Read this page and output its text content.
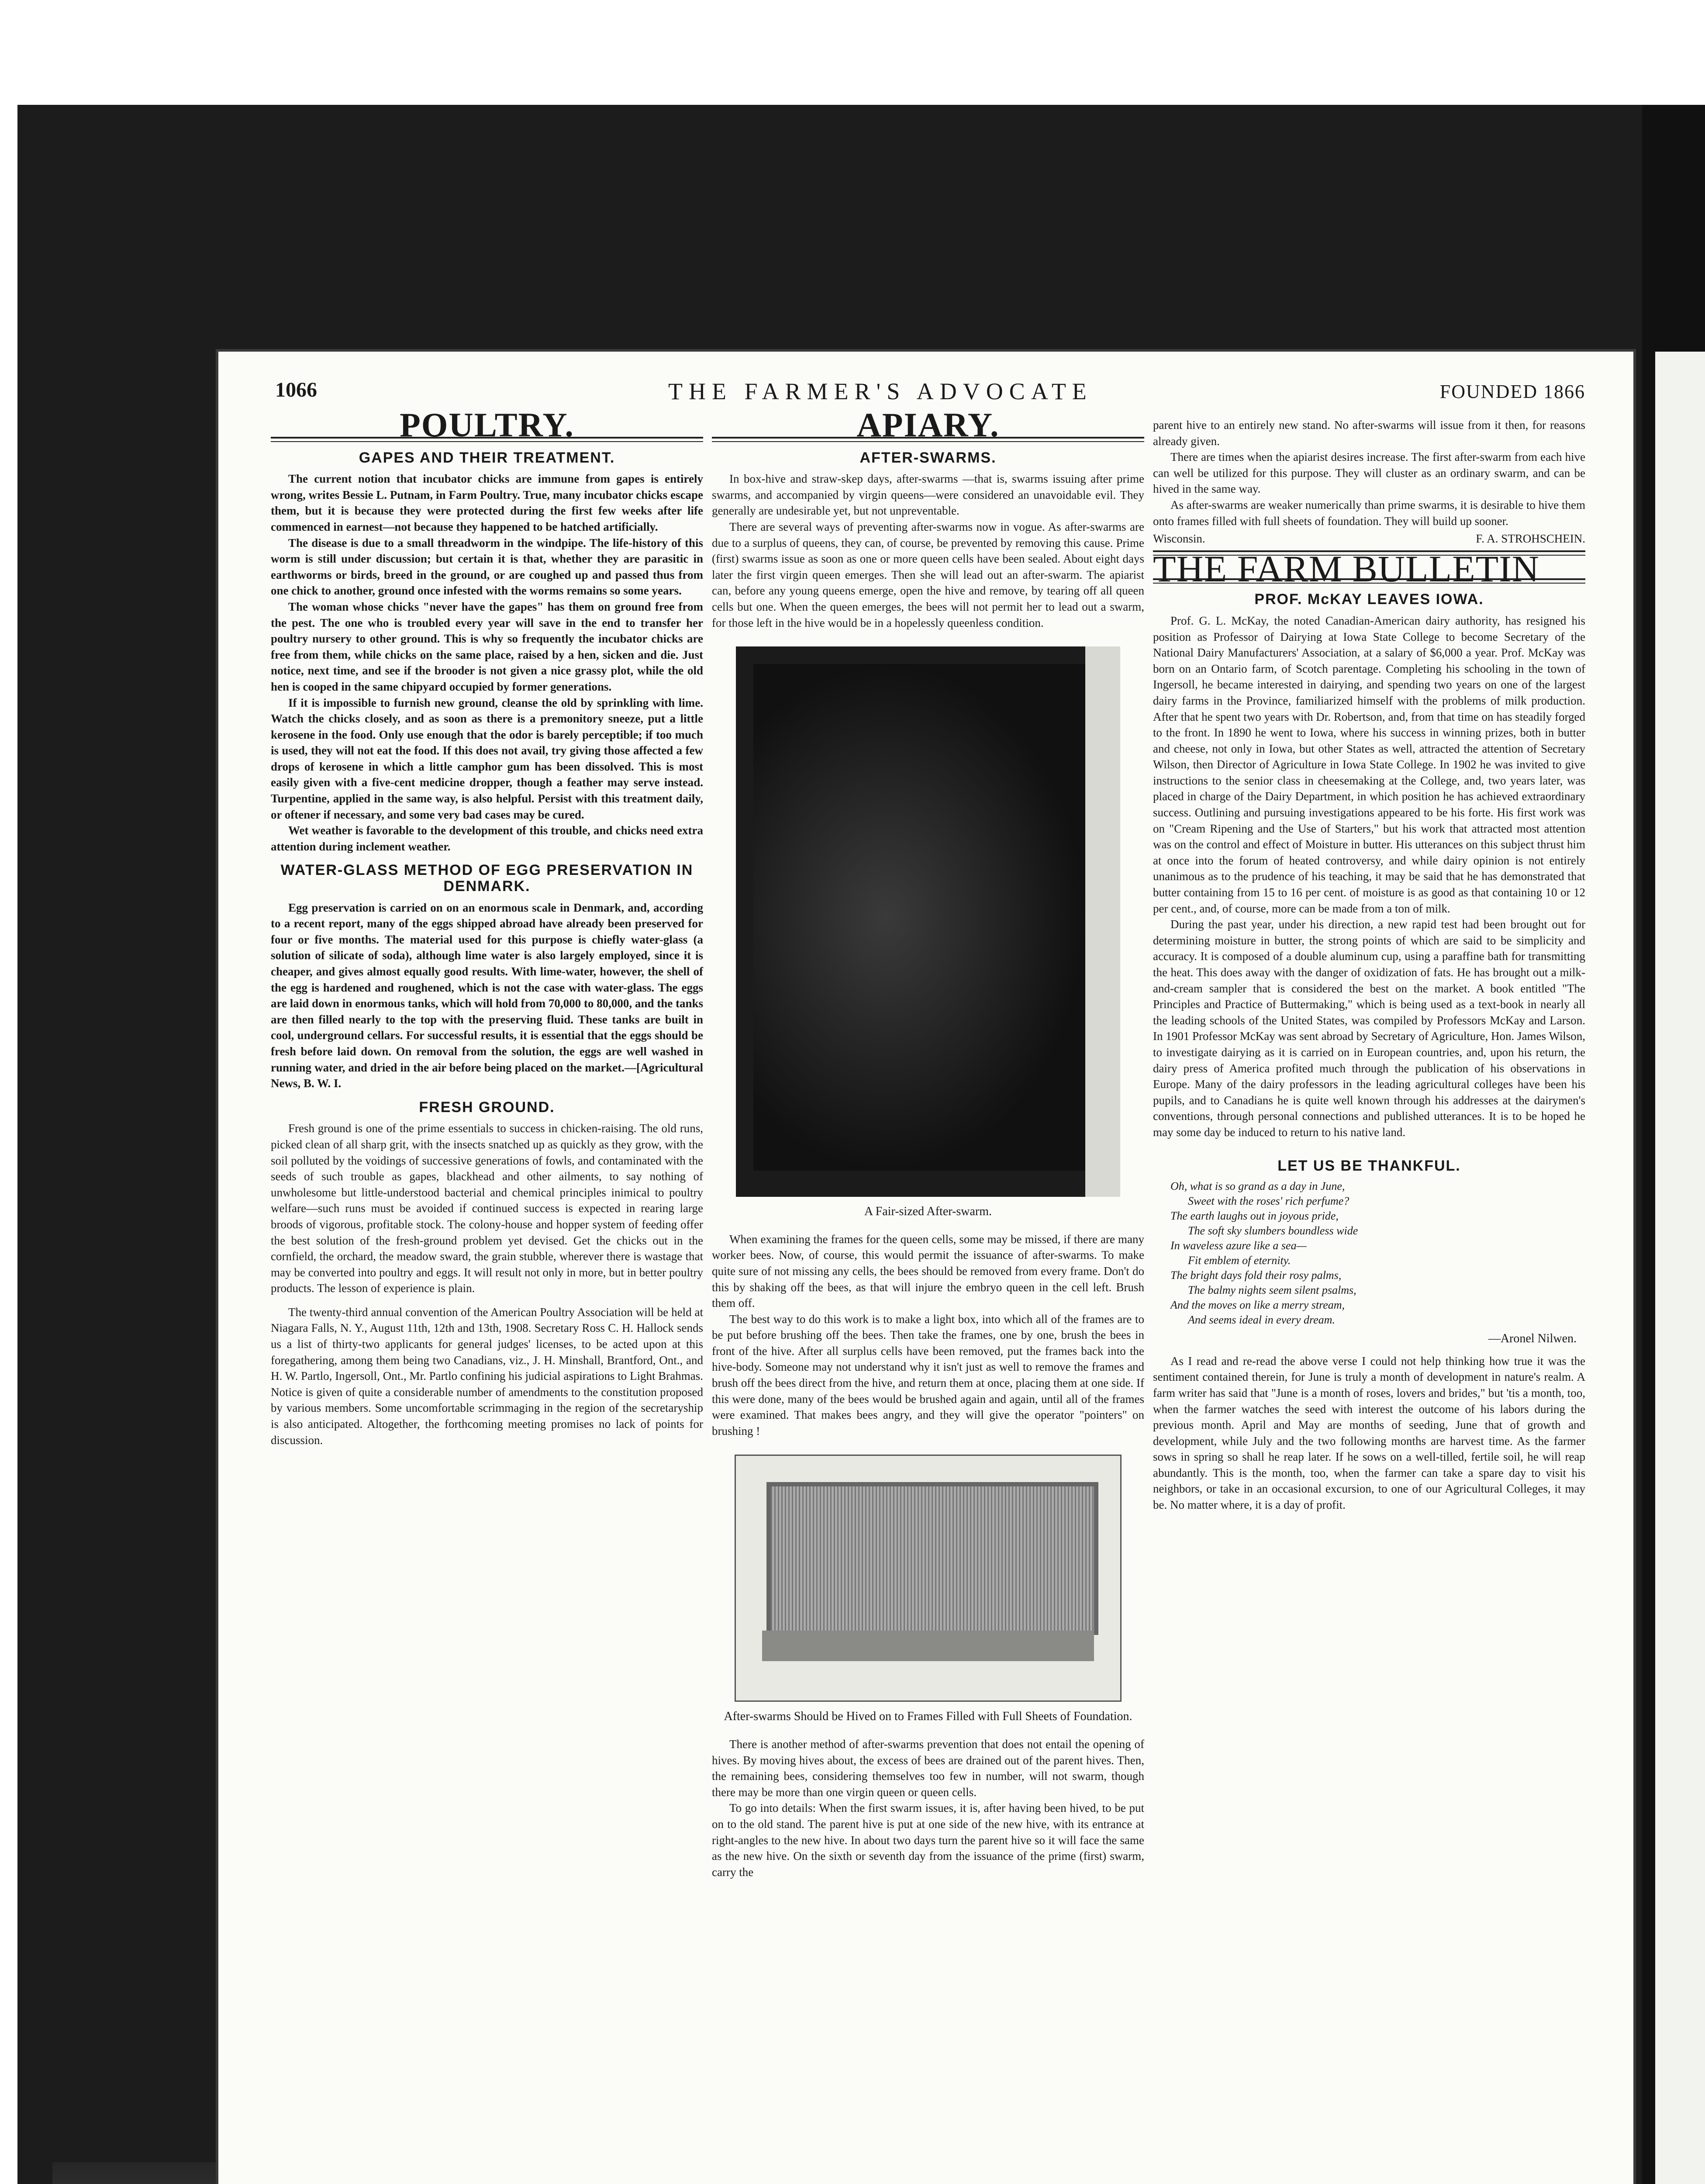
1066	THE FARMER'S ADVOCATE	FOUNDED 1866
POULTRY.
GAPES AND THEIR TREATMENT.

The current notion that incubator chicks are immune from gapes is entirely wrong, writes Bessie L. Putnam, in Farm Poultry. True, many incubator chicks escape them, but it is because they were protected during the first few weeks after life commenced in earnest—not because they happened to be hatched artificially.

The disease is due to a small threadworm in the windpipe. The life-history of this worm is still under discussion; but certain it is that, whether they are parasitic in earthworms or birds, breed in the ground, or are coughed up and passed thus from one chick to another, ground once infested with the worms remains so some years.

The woman whose chicks "never have the gapes" has them on ground free from the pest. The one who is troubled every year will save in the end to transfer her poultry nursery to other ground. This is why so frequently the incubator chicks are free from them, while chicks on the same place, raised by a hen, sicken and die. Just notice, next time, and see if the brooder is not given a nice grassy plot, while the old hen is cooped in the same chipyard occupied by former generations.

If it is impossible to furnish new ground, cleanse the old by sprinkling with lime. Watch the chicks closely, and as soon as there is a premonitory sneeze, put a little kerosene in the food. Only use enough that the odor is barely perceptible; if too much is used, they will not eat the food. If this does not avail, try giving those affected a few drops of kerosene in which a little camphor gum has been dissolved. This is most easily given with a five-cent medicine dropper, though a feather may serve instead. Turpentine, applied in the same way, is also helpful. Persist with this treatment daily, or oftener if necessary, and some very bad cases may be cured.

Wet weather is favorable to the development of this trouble, and chicks need extra attention during inclement weather.

WATER-GLASS METHOD OF EGG PRESERVATION IN DENMARK.

Egg preservation is carried on on an enormous scale in Denmark, and, according to a recent report, many of the eggs shipped abroad have already been preserved for four or five months. The material used for this purpose is chiefly water-glass (a solution of silicate of soda), although lime water is also largely employed, since it is cheaper, and gives almost equally good results. With lime-water, however, the shell of the egg is hardened and roughened, which is not the case with water-glass. The eggs are laid down in enormous tanks, which will hold from 70,000 to 80,000, and the tanks are then filled nearly to the top with the preserving fluid. These tanks are built in cool, underground cellars. For successful results, it is essential that the eggs should be fresh before laid down. On removal from the solution, the eggs are well washed in running water, and dried in the air before being placed on the market.—[Agricultural News, B. W. I.

FRESH GROUND.

Fresh ground is one of the prime essentials to success in chicken-raising. The old runs, picked clean of all sharp grit, with the insects snatched up as quickly as they grow, with the soil polluted by the voidings of successive generations of fowls, and contaminated with the seeds of such trouble as gapes, blackhead and other ailments, to say nothing of unwholesome but little-understood bacterial and chemical principles inimical to poultry welfare—such runs must be avoided if continued success is expected in rearing large broods of vigorous, profitable stock. The colony-house and hopper system of feeding offer the best solution of the fresh-ground problem yet devised. Get the chicks out in the cornfield, the orchard, the meadow sward, the grain stubble, wherever there is wastage that may be converted into poultry and eggs. It will result not only in more, but in better poultry products. The lesson of experience is plain.

The twenty-third annual convention of the American Poultry Association will be held at Niagara Falls, N. Y., August 11th, 12th and 13th, 1908. Secretary Ross C. H. Hallock sends us a list of thirty-two applicants for general judges' licenses, to be acted upon at this foregathering, among them being two Canadians, viz., J. H. Minshall, Brantford, Ont., and H. W. Partlo, Ingersoll, Ont., Mr. Partlo confining his judicial aspirations to Light Brahmas. Notice is given of quite a considerable number of amendments to the constitution proposed by various members. Some uncomfortable scrimmaging in the region of the secretaryship is also anticipated. Altogether, the forthcoming meeting promises no lack of points for discussion.

APIARY.
AFTER-SWARMS.

In box-hive and straw-skep days, after-swarms —that is, swarms issuing after prime swarms, and accompanied by virgin queens—were considered an unavoidable evil. They generally are undesirable yet, but not unpreventable.

There are several ways of preventing after-swarms now in vogue. As after-swarms are due to a surplus of queens, they can, of course, be prevented by removing this cause. Prime (first) swarms issue as soon as one or more queen cells have been sealed. About eight days later the first virgin queen emerges. Then she will lead out an after-swarm. The apiarist can, before any young queens emerge, open the hive and remove, by tearing off all queen cells but one. When the queen emerges, the bees will not permit her to lead out a swarm, for those left in the hive would be in a hopelessly queenless condition.

A Fair-sized After-swarm.

When examining the frames for the queen cells, some may be missed, if there are many worker bees. Now, of course, this would permit the issuance of after-swarms. To make quite sure of not missing any cells, the bees should be removed from every frame. Don't do this by shaking off the bees, as that will injure the embryo queen in the cell left. Brush them off.

The best way to do this work is to make a light box, into which all of the frames are to be put before brushing off the bees. Then take the frames, one by one, brush the bees in front of the hive. After all surplus cells have been removed, put the frames back into the hive-body. Someone may not understand why it isn't just as well to remove the frames and brush off the bees direct from the hive, and return them at once, placing them at one side. If this were done, many of the bees would be brushed again and again, until all of the frames were examined. That makes bees angry, and they will give the operator "pointers" on brushing !

After-swarms Should be Hived on to Frames Filled with Full Sheets of Foundation.

There is another method of after-swarms prevention that does not entail the opening of hives. By moving hives about, the excess of bees are drained out of the parent hives. Then, the remaining bees, considering themselves too few in number, will not swarm, though there may be more than one virgin queen or queen cells.

To go into details: When the first swarm issues, it is, after having been hived, to be put on to the old stand. The parent hive is put at one side of the new hive, with its entrance at right-angles to the new hive. In about two days turn the parent hive so it will face the same as the new hive. On the sixth or seventh day from the issuance of the prime (first) swarm, carry the

parent hive to an entirely new stand. No after-swarms will issue from it then, for reasons already given.

There are times when the apiarist desires increase. The first after-swarm from each hive can well be utilized for this purpose. They will cluster as an ordinary swarm, and can be hived in the same way.

As after-swarms are weaker numerically than prime swarms, it is desirable to hive them onto frames filled with full sheets of foundation. They will build up sooner.

Wisconsin.	F. A. STROHSCHEIN.
THE FARM BULLETIN
PROF. McKAY LEAVES IOWA.

Prof. G. L. McKay, the noted Canadian-American dairy authority, has resigned his position as Professor of Dairying at Iowa State College to become Secretary of the National Dairy Manufacturers' Association, at a salary of $6,000 a year. Prof. McKay was born on an Ontario farm, of Scotch parentage. Completing his schooling in the town of Ingersoll, he became interested in dairying, and spending two years on one of the largest dairy farms in the Province, familiarized himself with the problems of milk production. After that he spent two years with Dr. Robertson, and, from that time on has steadily forged to the front. In 1890 he went to Iowa, where his success in winning prizes, both in butter and cheese, not only in Iowa, but other States as well, attracted the attention of Secretary Wilson, then Director of Agriculture in Iowa State College. In 1902 he was invited to give instructions to the senior class in cheesemaking at the College, and, two years later, was placed in charge of the Dairy Department, in which position he has achieved extraordinary success. Outlining and pursuing investigations appeared to be his forte. His first work was on "Cream Ripening and the Use of Starters," but his work that attracted most attention was on the control and effect of Moisture in butter. His utterances on this subject thrust him at once into the forum of heated controversy, and while dairy opinion is not entirely unanimous as to the prudence of his teaching, it may be said that he has demonstrated that butter containing from 15 to 16 per cent. of moisture is as good as that containing 10 or 12 per cent., and, of course, more can be made from a ton of milk.

During the past year, under his direction, a new rapid test had been brought out for determining moisture in butter, the strong points of which are said to be simplicity and accuracy. It is composed of a double aluminum cup, using a paraffine bath for transmitting the heat. This does away with the danger of oxidization of fats. He has brought out a milk-and-cream sampler that is considered the best on the market. A book entitled "The Principles and Practice of Buttermaking," which is being used as a text-book in nearly all the leading schools of the United States, was compiled by Professors McKay and Larson. In 1901 Professor McKay was sent abroad by Secretary of Agriculture, Hon. James Wilson, to investigate dairying as it is carried on in European countries, and, upon his return, the dairy press of America profited much through the publication of his observations in Europe. Many of the dairy professors in the leading agricultural colleges have been his pupils, and to Canadians he is quite well known through his addresses at the dairymen's conventions, through personal connections and published utterances. It is to be hoped he may some day be induced to return to his native land.

LET US BE THANKFUL.
Oh, what is so grand as a day in June,
Sweet with the roses' rich perfume?
The earth laughs out in joyous pride,
The soft sky slumbers boundless wide
In waveless azure like a sea—
Fit emblem of eternity.
The bright days fold their rosy palms,
The balmy nights seem silent psalms,
And the moves on like a merry stream,
And seems ideal in every dream.
—Aronel Nilwen.

As I read and re-read the above verse I could not help thinking how true it was the sentiment contained therein, for June is truly a month of development in nature's realm. A farm writer has said that "June is a month of roses, lovers and brides," but 'tis a month, too, when the farmer watches the seed with interest the outcome of his labors during the previous month. April and May are months of seeding, June that of growth and development, while July and the two following months are harvest time. As the farmer sows in spring so shall he reap later. If he sows on a well-tilled, fertile soil, he will reap abundantly. This is the month, too, when the farmer can take a spare day to visit his neighbors, or take in an occasional excursion, to one of our Agricultural Colleges, it may be. No matter where, it is a day of profit.
